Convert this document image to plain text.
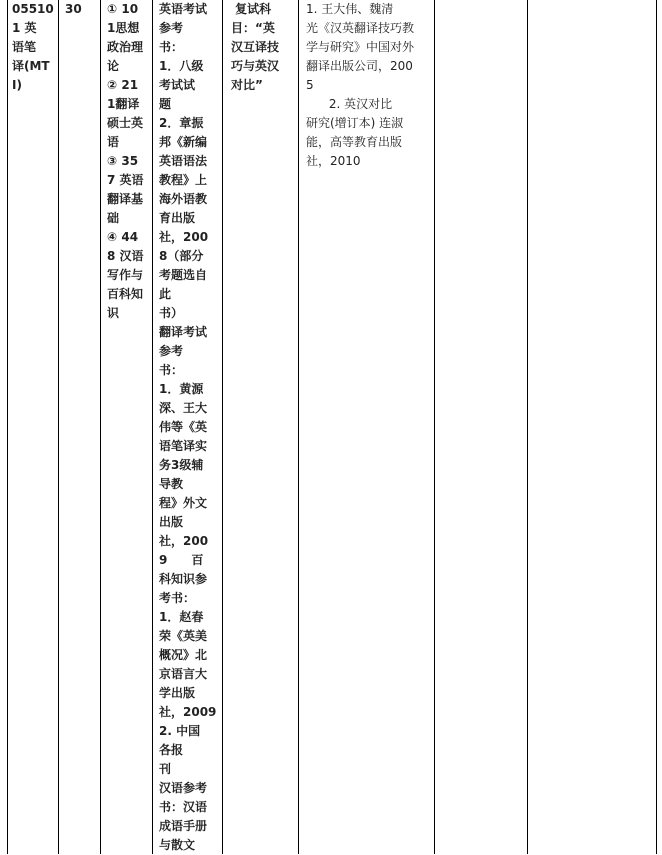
05510
1 英
语笔
译(MT
I)
30	① 10
1思想
政治理
论
② 21
1翻译
硕士英
语
③ 35
7 英语
翻译基
础
④ 44
8 汉语
写作与
百科知
识
英语考试
参考
书：
1．八级
考试试
题
2．章振
邦《新编
英语语法
教程》上
海外语教
育出版
社，200
8（部分
考题选自
此
书）
翻译考试
参考
书：
1．黄源
深、王大
伟等《英
语笔译实
务3级辅
导教
程》外文
出版
社，200
9　　百
科知识参
考书：
1．赵春
荣《英美
概况》北
京语言大
学出版
社，2009
2. 中国
各报
刊
汉语参考
书：汉语
成语手册
与散文
复试科
目：“英
汉互译技
巧与英汉
对比”
1. 王大伟、魏清
光《汉英翻译技巧教
学与研究》中国对外
翻译出版公司，200
5
2. 英汉对比
研究(增订本) 连淑
能，高等教育出版
社，2010
